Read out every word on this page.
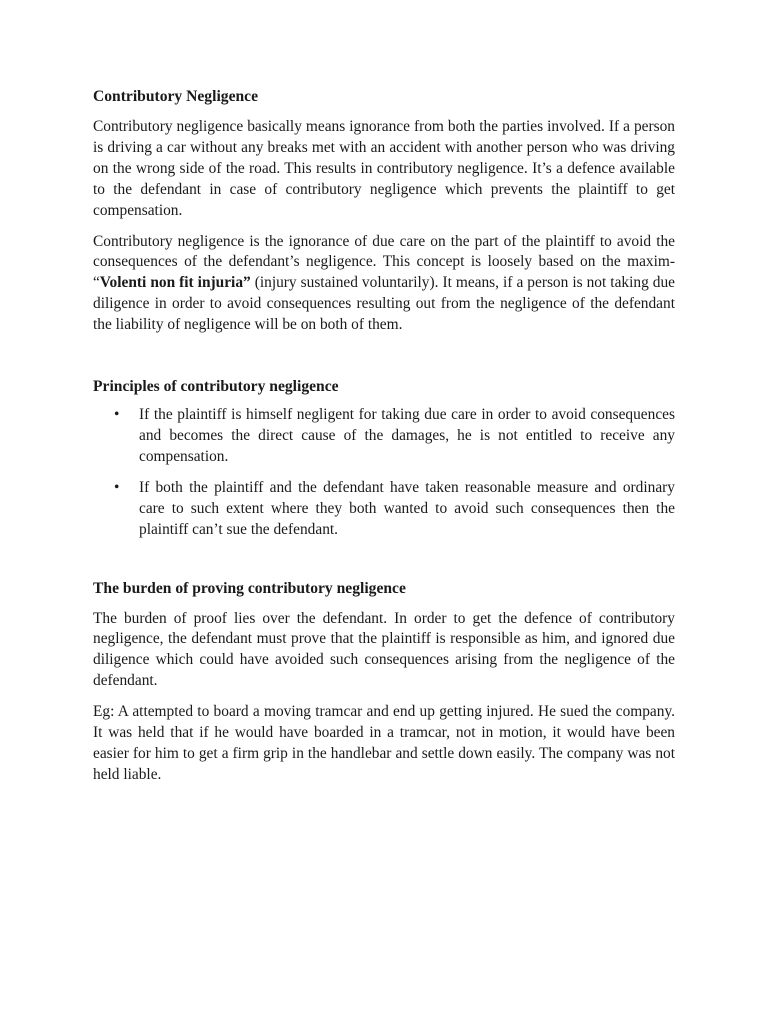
Contributory Negligence

Contributory negligence basically means ignorance from both the parties involved. If a person is driving a car without any breaks met with an accident with another person who was driving on the wrong side of the road. This results in contributory negligence. It’s a defence available to the defendant in case of contributory negligence which prevents the plaintiff to get compensation.

Contributory negligence is the ignorance of due care on the part of the plaintiff to avoid the consequences of the defendant’s negligence. This concept is loosely based on the maxim- “Volenti non fit injuria” (injury sustained voluntarily). It means, if a person is not taking due diligence in order to avoid consequences resulting out from the negligence of the defendant the liability of negligence will be on both of them.

Principles of contributory negligence
• If the plaintiff is himself negligent for taking due care in order to avoid consequences and becomes the direct cause of the damages, he is not entitled to receive any compensation.
• If both the plaintiff and the defendant have taken reasonable measure and ordinary care to such extent where they both wanted to avoid such consequences then the plaintiff can’t sue the defendant.
The burden of proving contributory negligence

The burden of proof lies over the defendant. In order to get the defence of contributory negligence, the defendant must prove that the plaintiff is responsible as him, and ignored due diligence which could have avoided such consequences arising from the negligence of the defendant.

Eg: A attempted to board a moving tramcar and end up getting injured. He sued the company. It was held that if he would have boarded in a tramcar, not in motion, it would have been easier for him to get a firm grip in the handlebar and settle down easily. The company was not held liable.
